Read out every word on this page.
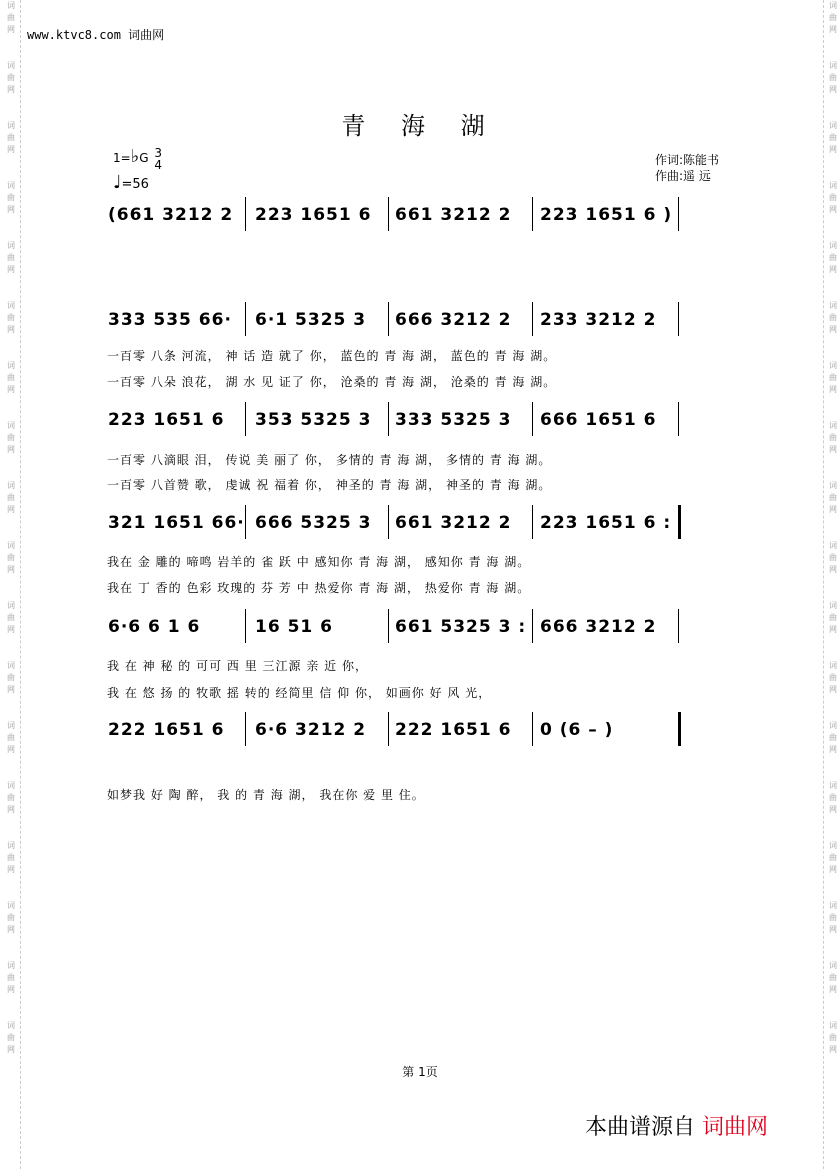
词
曲
网
词
曲
网
词
曲
网
词
曲
网
词
曲
网
词
曲
网
词
曲
网
词
曲
网
词
曲
网
词
曲
网
词
曲
网
词
曲
网
词
曲
网
词
曲
网
词
曲
网
词
曲
网
词
曲
网
词
曲
网
词
曲
网
词
曲
网
词
曲
网
词
曲
网
词
曲
网
词
曲
网
词
曲
网
词
曲
网
词
曲
网
词
曲
网
词
曲
网
词
曲
网
词
曲
网
词
曲
网
词
曲
网
词
曲
网
词
曲
网
词
曲
网
www.ktvc8.com 词曲网
青 海 湖
1=♭G 3
4
♩=56
作词:陈能书
作曲:遥 远
(661 3212 2 223 1651 6 661 3212 2 223 1651 6 )
333 535 66· 6·1 5325 3 666 3212 2 233 3212 2
223 1651 6 353 5325 3 333 5325 3 666 1651 6
321 1651 66· 666 5325 3 661 3212 2 223 1651 6 :
6·6 6 1 6	16 51 6	661 5325 3 : 666 3212 2
222 1651 6 6·6 3212 2 222 1651 6 0 (6 – )
一百零 八条 河流， 神 话 造 就了 你， 蓝色的 青 海 湖， 蓝色的 青 海 湖。
一百零 八朵 浪花， 湖 水 见 证了 你， 沧桑的 青 海 湖， 沧桑的 青 海 湖。
一百零 八滴眼 泪， 传说 美 丽了 你， 多情的 青 海 湖， 多情的 青 海 湖。
一百零 八首赞 歌， 虔诚 祝 福着 你， 神圣的 青 海 湖， 神圣的 青 海 湖。
我在 金 雕的 啼鸣 岩羊的 雀 跃 中 感知你 青 海 湖， 感知你 青 海 湖。
我在 丁 香的 色彩 玫瑰的 芬 芳 中 热爱你 青 海 湖， 热爱你 青 海 湖。
我 在 神 秘 的 可可 西 里 三江源 亲 近 你，
我 在 悠 扬 的 牧歌 摇 转的 经简里 信 仰 你， 如画你 好 风 光，
如梦我 好 陶 醉， 我 的 青 海 湖， 我在你 爱 里 住。
第 1页
本曲谱源自 词曲网
